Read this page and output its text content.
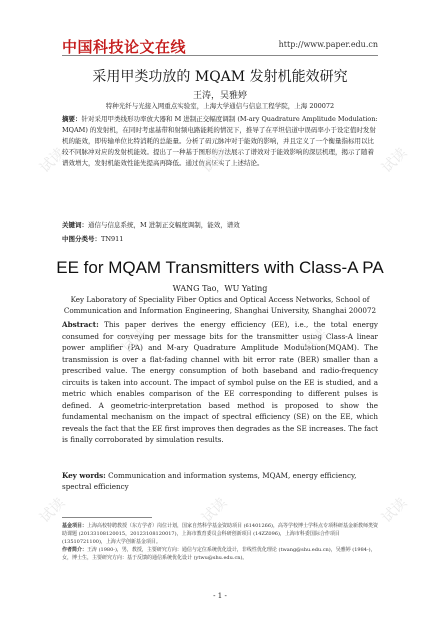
中国科技论文在线	http://www.paper.edu.cn
采用甲类功放的 MQAM 发射机能效研究
王涛，吴雅婷
特种光纤与光接入网重点实验室，上海大学通信与信息工程学院，上海 200072
摘要：针对采用甲类线形功率放大器和 M 进制正交幅度调制 (M-ary Quadrature Amplitude Modulation: MQAM) 的发射机，在同时考虑基带和射频电路能耗的情况下，推导了在平坦信道中误码率小于设定值时发射机的能效，即传输单位比特消耗的总能量。分析了码元脉冲对于能效的影响，并且定义了一个衡量指标用以比较不同脉冲对应的发射机能效。提出了一种基于图形的方法展示了谱效对于能效影响的深层机理，揭示了随着谱效增大，发射机能效性能先提高再降低。通过仿真证实了上述结论。
关键词：通信与信息系统，M 进制正交幅度调制，能效，谱效
中图分类号：TN911
EE for MQAM Transmitters with Class-A PA
WANG Tao，WU Yating
Key Laboratory of Speciality Fiber Optics and Optical Access Networks, School of Communication and Information Engineering, Shanghai University, Shanghai 200072
Abstract: This paper derives the energy efficiency (EE), i.e., the total energy consumed for conveying per message bits for the transmitter using Class-A linear power amplifier (PA) and M-ary Quadrature Amplitude Modulation(MQAM). The transmission is over a flat-fading channel with bit error rate (BER) smaller than a prescribed value. The energy consumption of both baseband and radio-frequency circuits is taken into account. The impact of symbol pulse on the EE is studied, and a metric which enables comparison of the EE corresponding to different pulses is defined. A geometric-interpretation based method is proposed to show the fundamental mechanism on the impact of spectral efficiency (SE) on the EE, which reveals the fact that the EE first improves then degrades as the SE increases. The fact is finally corroborated by simulation results.
Key words: Communication and information systems, MQAM, energy efficiency, spectral efficiency
基金项目：上海高校特聘教授（东方学者）岗位计划，国家自然科学基金资助项目 (61401266)，高等学校博士学科点专项科研基金新教师类资助课题 (20133108120015，20123108120017)，上海市教育委员会科研创新项目 (14ZZ096)，上海市科委国际合作项目 (13510721100)，上海大学创新基金项目。
作者简介：王涛 (1980-)，男，教授，主要研究方向：通信与定位系统优化设计，非线性优化理论 (twang@shu.edu.cn)，吴雅婷 (1984-)，女，博士生，主要研究方向：基于反馈的通信系统优化设计 (ytwu@shu.edu.cn)。
- 1 -
试读	试读	试读
试读	试读
试读	试读	试读
